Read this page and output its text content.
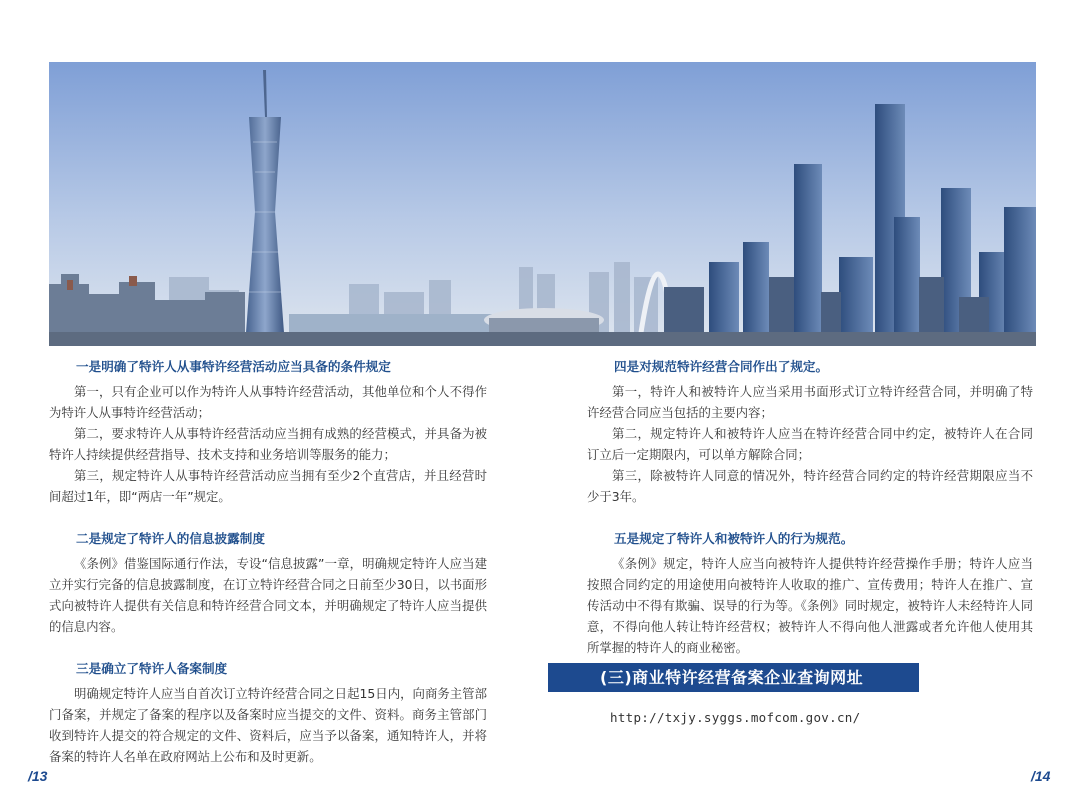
一是明确了特许人从事特许经营活动应当具备的条件规定

第一，只有企业可以作为特许人从事特许经营活动，其他单位和个人不得作为特许人从事特许经营活动；

第二，要求特许人从事特许经营活动应当拥有成熟的经营模式，并具备为被特许人持续提供经营指导、技术支持和业务培训等服务的能力；

第三，规定特许人从事特许经营活动应当拥有至少2个直营店，并且经营时间超过1年，即“两店一年”规定。

二是规定了特许人的信息披露制度

《条例》借鉴国际通行作法，专设“信息披露”一章，明确规定特许人应当建立并实行完备的信息披露制度，在订立特许经营合同之日前至少30日，以书面形式向被特许人提供有关信息和特许经营合同文本，并明确规定了特许人应当提供的信息内容。

三是确立了特许人备案制度

明确规定特许人应当自首次订立特许经营合同之日起15日内，向商务主管部门备案，并规定了备案的程序以及备案时应当提交的文件、资料。商务主管部门收到特许人提交的符合规定的文件、资料后，应当予以备案，通知特许人，并将备案的特许人名单在政府网站上公布和及时更新。

四是对规范特许经营合同作出了规定。

第一，特许人和被特许人应当采用书面形式订立特许经营合同，并明确了特许经营合同应当包括的主要内容；

第二，规定特许人和被特许人应当在特许经营合同中约定，被特许人在合同订立后一定期限内，可以单方解除合同；

第三，除被特许人同意的情况外，特许经营合同约定的特许经营期限应当不少于3年。

五是规定了特许人和被特许人的行为规范。

《条例》规定，特许人应当向被特许人提供特许经营操作手册；特许人应当按照合同约定的用途使用向被特许人收取的推广、宣传费用；特许人在推广、宣传活动中不得有欺骗、误导的行为等。《条例》同时规定，被特许人未经特许人同意，不得向他人转让特许经营权；被特许人不得向他人泄露或者允许他人使用其所掌握的特许人的商业秘密。

(三)商业特许经营备案企业查询网址
http://txjy.syggs.mofcom.gov.cn/
/13	/14
